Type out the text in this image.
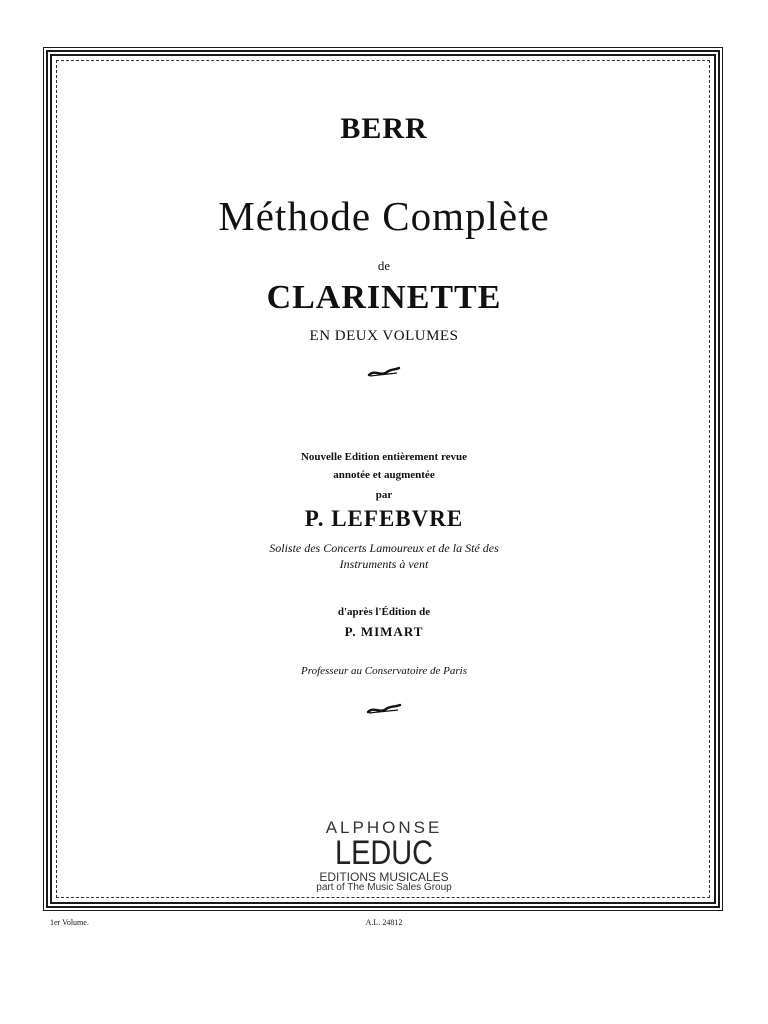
BERR
Méthode Complète
de
CLARINETTE
EN DEUX VOLUMES
Nouvelle Edition entièrement revue
annotée et augmentée
par
P. LEFEBVRE
Soliste des Concerts Lamoureux et de la Sté des
Instruments à vent
d'après l'Édition de
P. MIMART
Professeur au Conservatoire de Paris
ALPHONSE
LEDUC
EDITIONS MUSICALES
part of The Music Sales Group
1er Volume.	A.L. 24812
